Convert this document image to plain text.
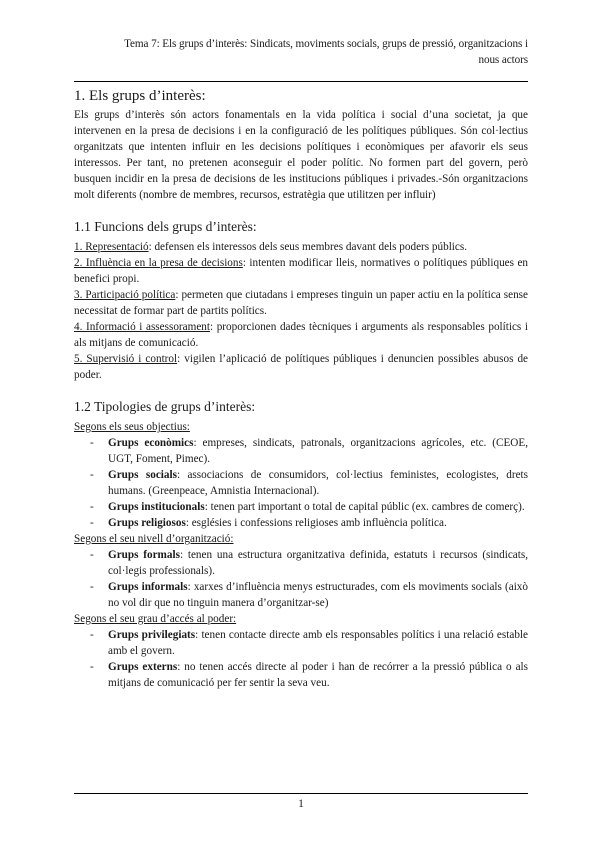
Tema 7: Els grups d’interès: Sindicats, moviments socials, grups de pressió, organitzacions i
nous actors
1. Els grups d’interès:

Els grups d’interès són actors fonamentals en la vida política i social d’una societat, ja que intervenen en la presa de decisions i en la configuració de les polítiques públiques. Són col·lectius organitzats que intenten influir en les decisions polítiques i econòmiques per afavorir els seus interessos. Per tant, no pretenen aconseguir el poder polític. No formen part del govern, però busquen incidir en la presa de decisions de les institucions públiques i privades.-Són organitzacions molt diferents (nombre de membres, recursos, estratègia que utilitzen per influir)

1.1 Funcions dels grups d’interès:

1. Representació: defensen els interessos dels seus membres davant dels poders públics.

2. Influència en la presa de decisions: intenten modificar lleis, normatives o polítiques públiques en benefici propi.

3. Participació política: permeten que ciutadans i empreses tinguin un paper actiu en la política sense necessitat de formar part de partits polítics.

4. Informació i assessorament: proporcionen dades tècniques i arguments als responsables polítics i als mitjans de comunicació.

5. Supervisió i control: vigilen l’aplicació de polítiques públiques i denuncien possibles abusos de poder.

1.2 Tipologies de grups d’interès:

Segons els seus objectius:

- Grups econòmics: empreses, sindicats, patronals, organitzacions agrícoles, etc. (CEOE, UGT, Foment, Pimec).
- Grups socials: associacions de consumidors, col·lectius feministes, ecologistes, drets humans. (Greenpeace, Amnistia Internacional).
- Grups institucionals: tenen part important o total de capital públic (ex. cambres de comerç).
- Grups religiosos: esglésies i confessions religioses amb influència política.

Segons el seu nivell d’organització:

- Grups formals: tenen una estructura organitzativa definida, estatuts i recursos (sindicats, col·legis professionals).
- Grups informals: xarxes d’influència menys estructurades, com els moviments socials (això no vol dir que no tinguin manera d’organitzar-se)

Segons el seu grau d’accés al poder:

- Grups privilegiats: tenen contacte directe amb els responsables polítics i una relació estable amb el govern.
- Grups externs: no tenen accés directe al poder i han de recórrer a la pressió pública o als mitjans de comunicació per fer sentir la seva veu.
1
